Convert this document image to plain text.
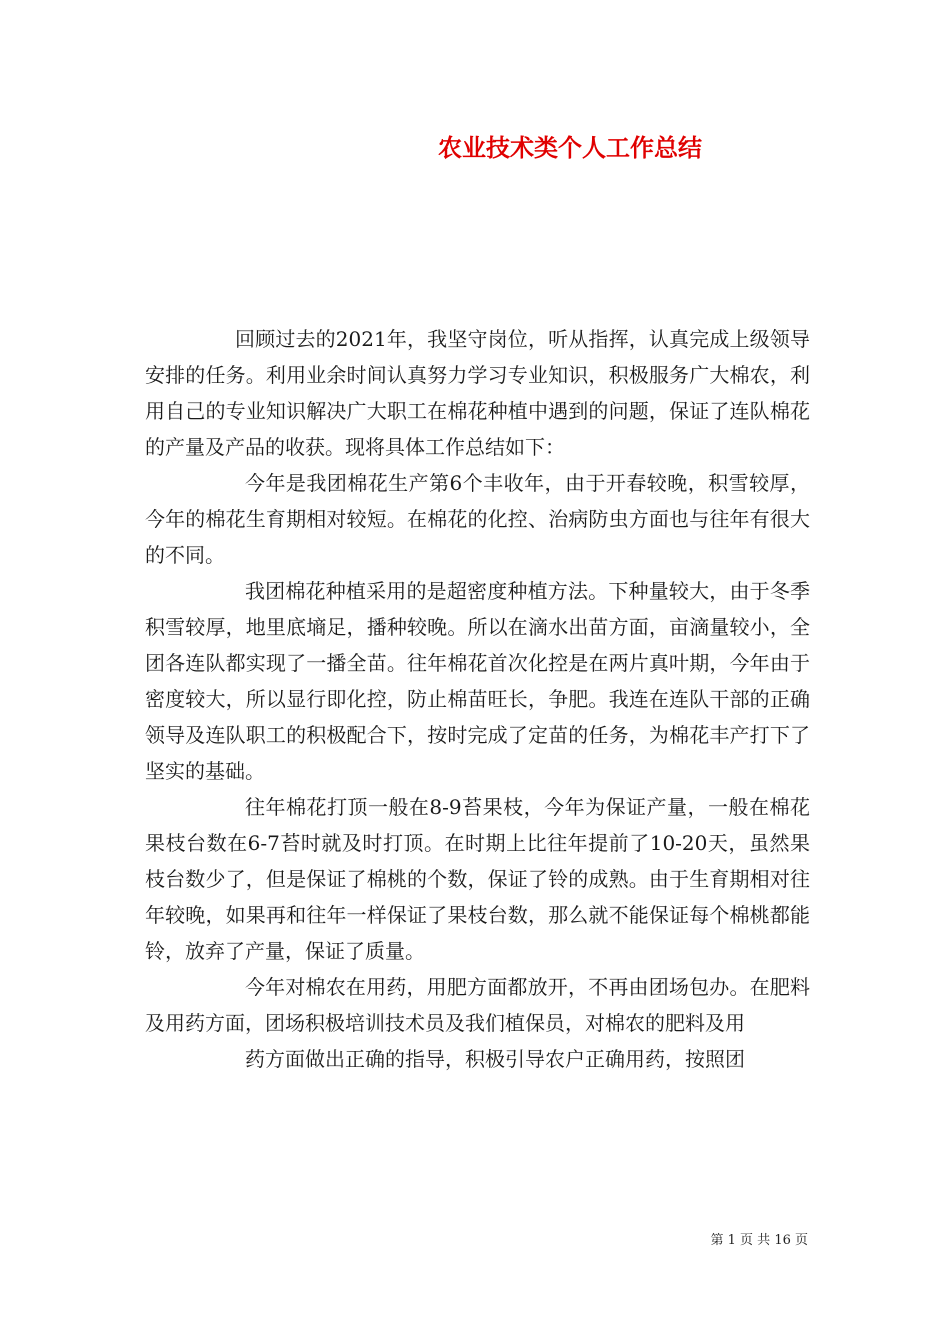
农业技术类个人工作总结

回顾过去的2021年，我坚守岗位，听从指挥，认真完成上级领导安排的任务。利用业余时间认真努力学习专业知识，积极服务广大棉农，利用自己的专业知识解决广大职工在棉花种植中遇到的问题，保证了连队棉花的产量及产品的收获。现将具体工作总结如下：

今年是我团棉花生产第6个丰收年，由于开春较晚，积雪较厚，今年的棉花生育期相对较短。在棉花的化控、治病防虫方面也与往年有很大的不同。

我团棉花种植采用的是超密度种植方法。下种量较大，由于冬季积雪较厚，地里底墒足，播种较晚。所以在滴水出苗方面，亩滴量较小，全团各连队都实现了一播全苗。往年棉花首次化控是在两片真叶期，今年由于密度较大，所以显行即化控，防止棉苗旺长，争肥。我连在连队干部的正确领导及连队职工的积极配合下，按时完成了定苗的任务，为棉花丰产打下了坚实的基础。

往年棉花打顶一般在8-9苔果枝，今年为保证产量，一般在棉花果枝台数在6-7苔时就及时打顶。在时期上比往年提前了10-20天，虽然果枝台数少了，但是保证了棉桃的个数，保证了铃的成熟。由于生育期相对往年较晚，如果再和往年一样保证了果枝台数，那么就不能保证每个棉桃都能铃，放弃了产量，保证了质量。

今年对棉农在用药，用肥方面都放开，不再由团场包办。在肥料及用药方面，团场积极培训技术员及我们植保员，对棉农的肥料及用

药方面做出正确的指导，积极引导农户正确用药，按照团

第 1 页 共 16 页
